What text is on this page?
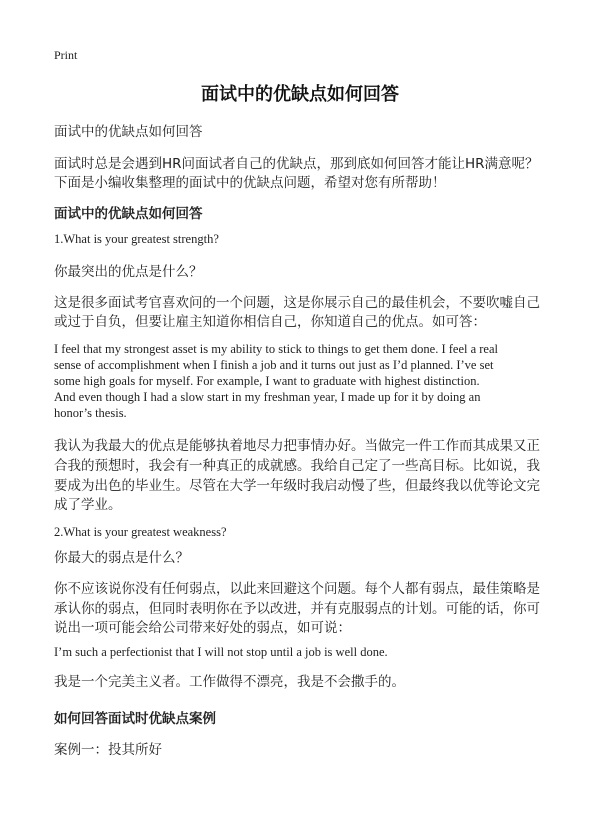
Print
面试中的优缺点如何回答
面试中的优缺点如何回答
面试时总是会遇到HR问面试者自己的优缺点，那到底如何回答才能让HR满意呢？
下面是小编收集整理的面试中的优缺点问题，希望对您有所帮助！
面试中的优缺点如何回答
1.What is your greatest strength?
你最突出的优点是什么？
这是很多面试考官喜欢问的一个问题，这是你展示自己的最佳机会，不要吹嘘自己
或过于自负，但要让雇主知道你相信自己，你知道自己的优点。如可答：
I feel that my strongest asset is my ability to stick to things to get them done. I feel a real
sense of accomplishment when I finish a job and it turns out just as I’d planned. I’ve set
some high goals for myself. For example, I want to graduate with highest distinction.
And even though I had a slow start in my freshman year, I made up for it by doing an
honor’s thesis.
我认为我最大的优点是能够执着地尽力把事情办好。当做完一件工作而其成果又正
合我的预想时，我会有一种真正的成就感。我给自己定了一些高目标。比如说，我
要成为出色的毕业生。尽管在大学一年级时我启动慢了些，但最终我以优等论文完
成了学业。
2.What is your greatest weakness?
你最大的弱点是什么？
你不应该说你没有任何弱点，以此来回避这个问题。每个人都有弱点，最佳策略是
承认你的弱点，但同时表明你在予以改进，并有克服弱点的计划。可能的话，你可
说出一项可能会给公司带来好处的弱点，如可说：
I’m such a perfectionist that I will not stop until a job is well done.
我是一个完美主义者。工作做得不漂亮，我是不会撒手的。
如何回答面试时优缺点案例
案例一：投其所好
